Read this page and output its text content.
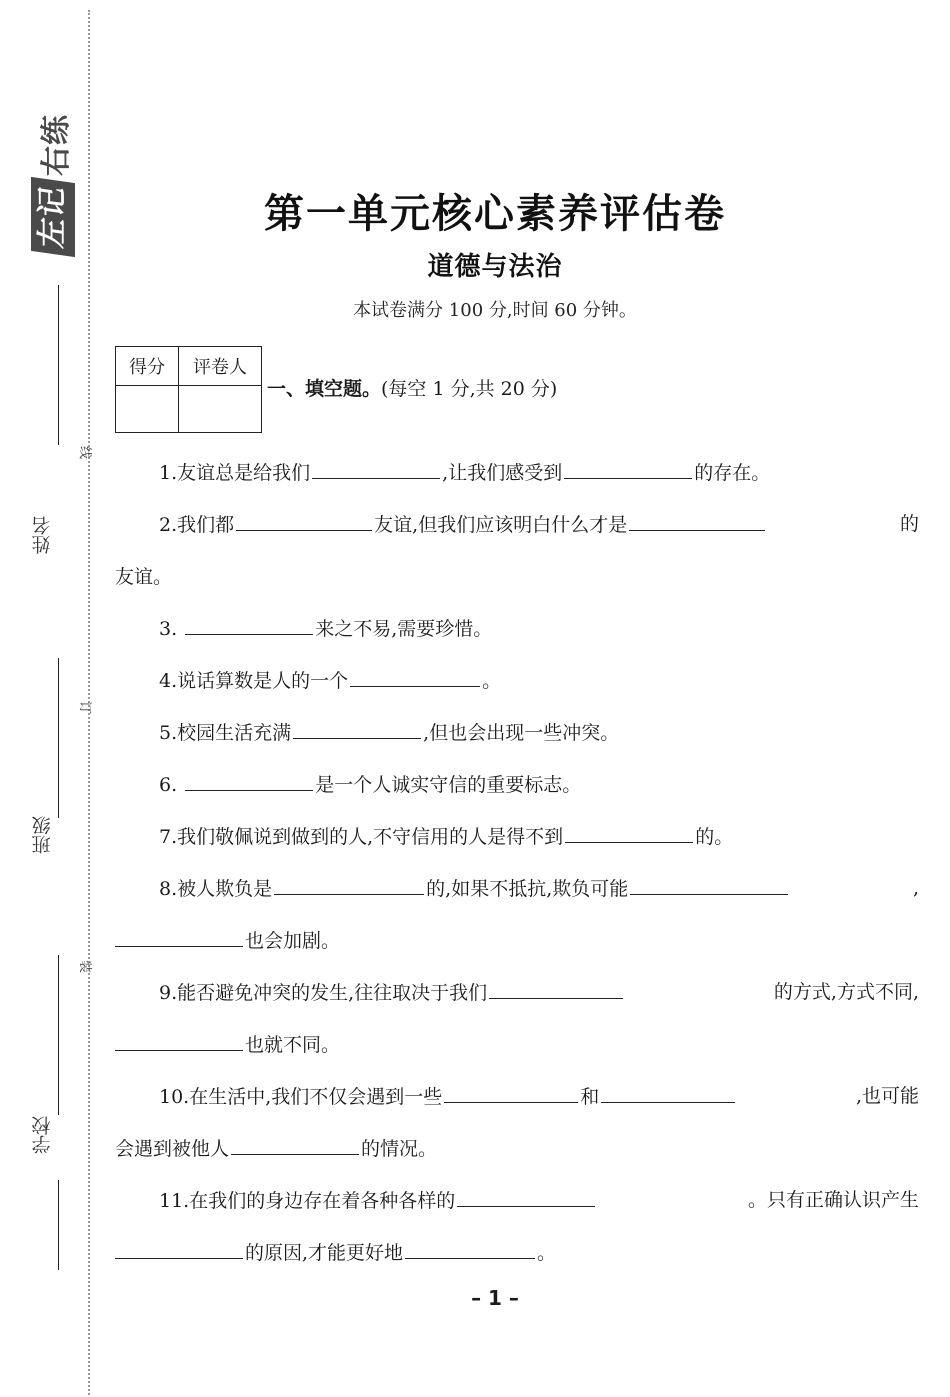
左记
右练
姓名
班级
学校
线
订
装
第一单元核心素养评估卷
道德与法治
本试卷满分 100 分,时间 60 分钟。
得分	评卷人

一、填空题。(每空 1 分,共 20 分)
1.友谊总是给我们	,让我们感受到	的存在。
2.我们都	友谊,但我们应该明白什么才是	的
友谊。
3.	来之不易,需要珍惜。
4.说话算数是人的一个	。
5.校园生活充满	,但也会出现一些冲突。
6.	是一个人诚实守信的重要标志。
7.我们敬佩说到做到的人,不守信用的人是得不到	的。
8.被人欺负是	的,如果不抵抗,欺负可能	,
也会加剧。
9.能否避免冲突的发生,往往取决于我们	的方式,方式不同,
也就不同。
10.在生活中,我们不仅会遇到一些	和	,也可能
会遇到被他人	的情况。
11.在我们的身边存在着各种各样的	。只有正确认识产生
的原因,才能更好地	。
– 1 –
